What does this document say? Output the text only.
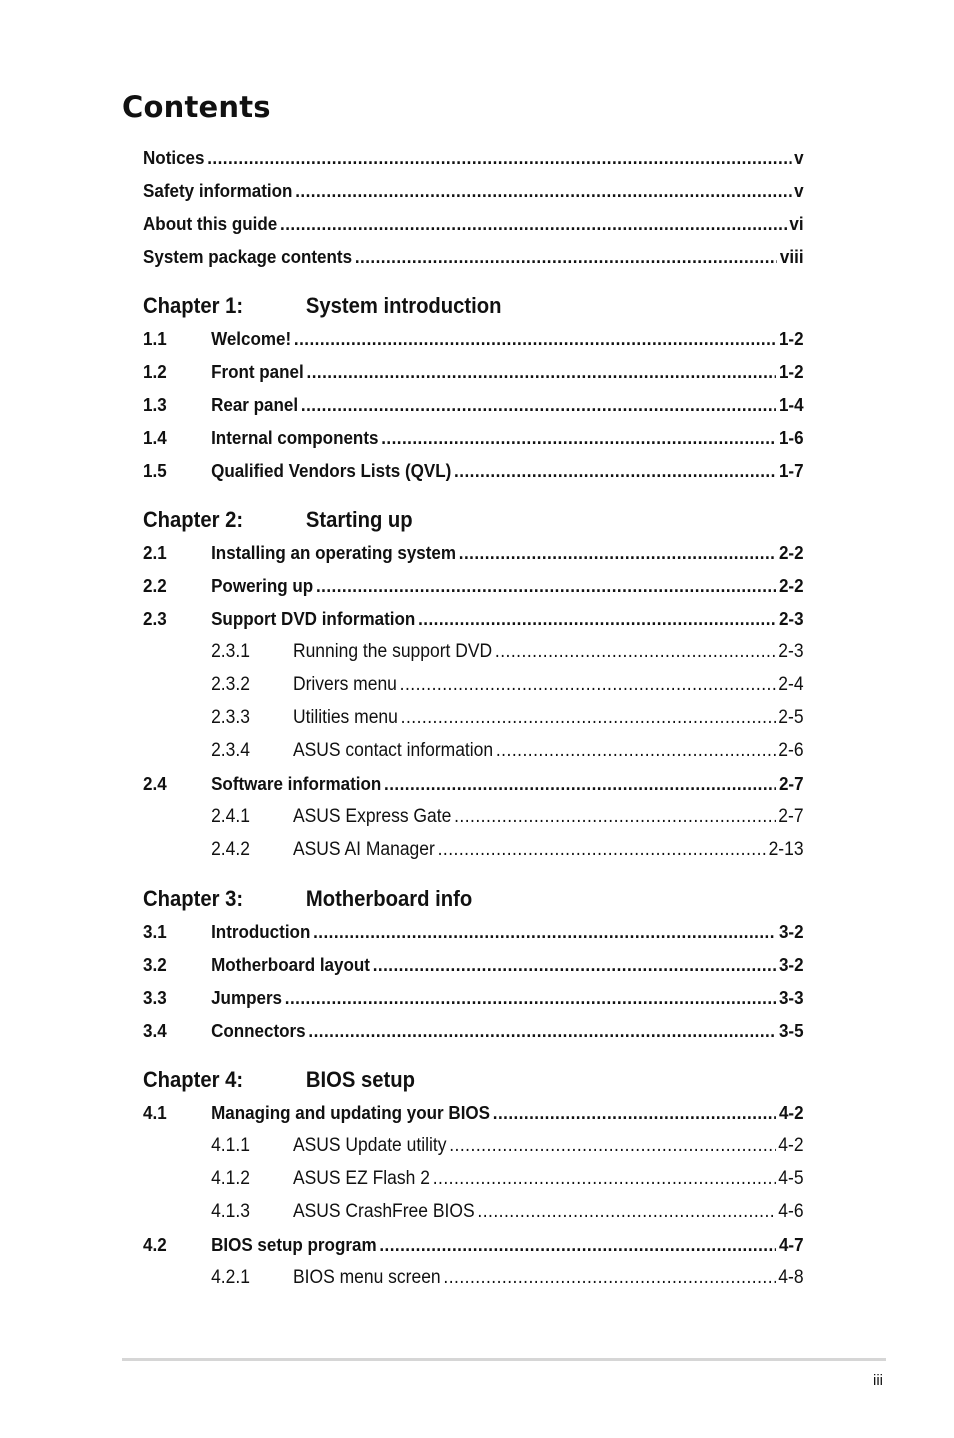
Contents
Notices .....	v
Safety information .....	v
About this guide .....	vi
System package contents .....	viii
Chapter 1:	System introduction
1.1	Welcome! .....	1-2
1.2	Front panel .....	1-2
1.3	Rear panel .....	1-4
1.4	Internal components .....	1-6
1.5	Qualified Vendors Lists (QVL) .....	1-7
Chapter 2:	Starting up
2.1	Installing an operating system .....	2-2
2.2	Powering up .....	2-2
2.3	Support DVD information .....	2-3
2.3.1	Running the support DVD .....	2-3
2.3.2	Drivers menu .....	2-4
2.3.3	Utilities menu .....	2-5
2.3.4	ASUS contact information .....	2-6
2.4	Software information .....	2-7
2.4.1	ASUS Express Gate .....	2-7
2.4.2	ASUS AI Manager .....	2-13
Chapter 3:	Motherboard info
3.1	Introduction .....	3-2
3.2	Motherboard layout .....	3-2
3.3	Jumpers .....	3-3
3.4	Connectors .....	3-5
Chapter 4:	BIOS setup
4.1	Managing and updating your BIOS .....	4-2
4.1.1	ASUS Update utility .....	4-2
4.1.2	ASUS EZ Flash 2 .....	4-5
4.1.3	ASUS CrashFree BIOS .....	4-6
4.2	BIOS setup program .....	4-7
4.2.1	BIOS menu screen .....	4-8
iii
